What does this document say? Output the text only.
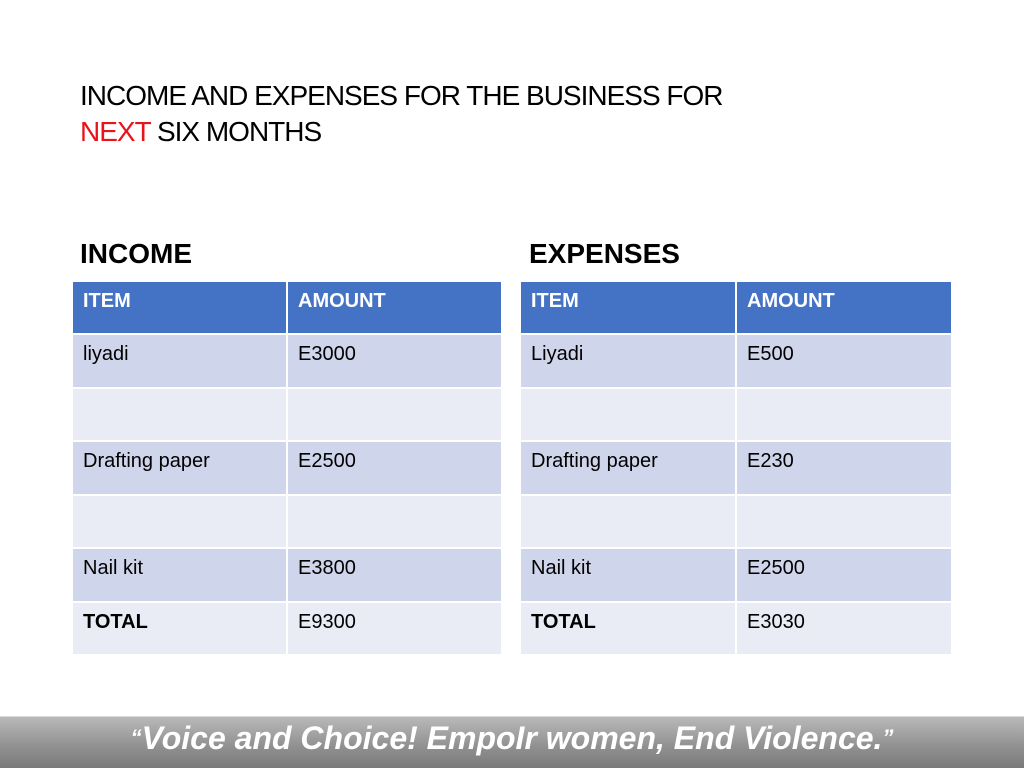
INCOME AND EXPENSES FOR THE BUSINESS FOR
NEXT SIX MONTHS
INCOME	EXPENSES
ITEM	AMOUNT
liyadi	E3000

Drafting paper	E2500

Nail kit	E3800
TOTAL	E9300
ITEM	AMOUNT
Liyadi	E500

Drafting paper	E230

Nail kit	E2500
TOTAL	E3030
“Voice and Choice! EmpoIr women, End Violence.”
